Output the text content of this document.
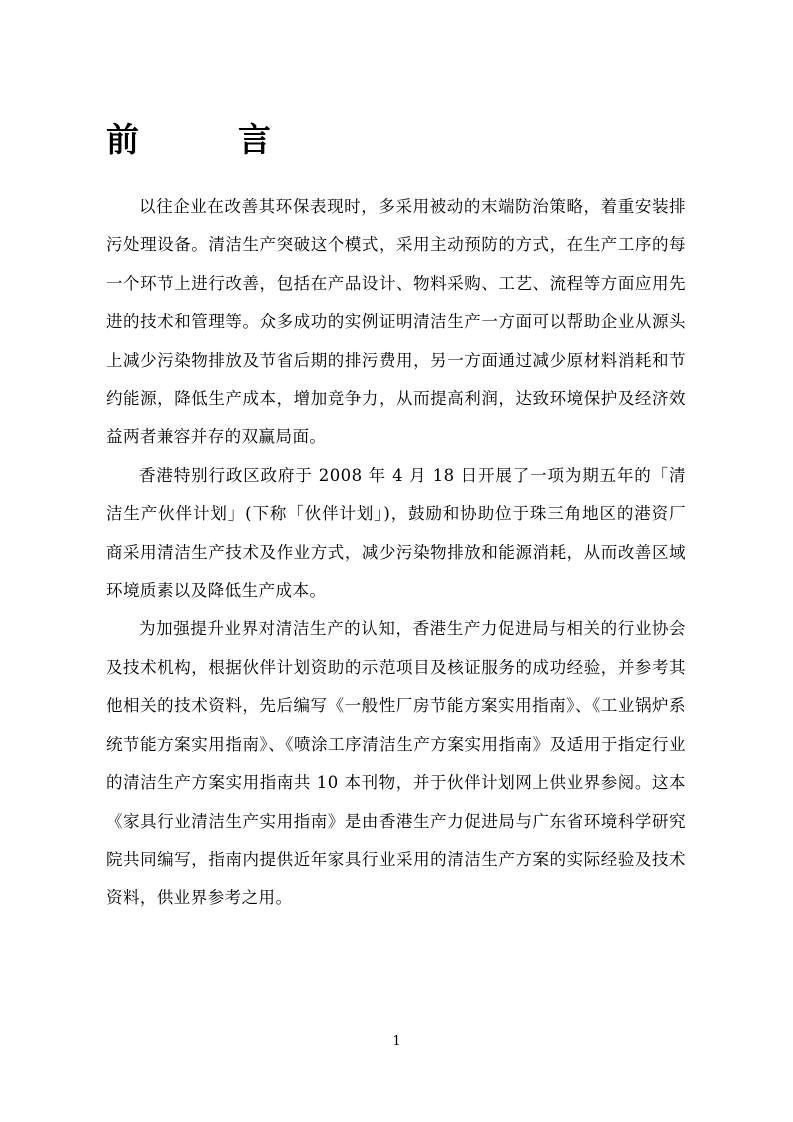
前　言

以往企业在改善其环保表现时，多采用被动的末端防治策略，着重安装排污处理设备。清洁生产突破这个模式，采用主动预防的方式，在生产工序的每一个环节上进行改善，包括在产品设计、物料采购、工艺、流程等方面应用先进的技术和管理等。众多成功的实例证明清洁生产一方面可以帮助企业从源头上减少污染物排放及节省后期的排污费用，另一方面通过减少原材料消耗和节约能源，降低生产成本，增加竞争力，从而提高利润，达致环境保护及经济效益两者兼容并存的双赢局面。

香港特别行政区政府于 2008 年 4 月 18 日开展了一项为期五年的「清洁生产伙伴计划」(下称「伙伴计划」)，鼓励和协助位于珠三角地区的港资厂商采用清洁生产技术及作业方式，减少污染物排放和能源消耗，从而改善区域环境质素以及降低生产成本。

为加强提升业界对清洁生产的认知，香港生产力促进局与相关的行业协会及技术机构，根据伙伴计划资助的示范项目及核证服务的成功经验，并参考其他相关的技术资料，先后编写《一般性厂房节能方案实用指南》、《工业锅炉系统节能方案实用指南》、《喷涂工序清洁生产方案实用指南》及适用于指定行业的清洁生产方案实用指南共 10 本刊物，并于伙伴计划网上供业界参阅。这本《家具行业清洁生产实用指南》是由香港生产力促进局与广东省环境科学研究院共同编写，指南内提供近年家具行业采用的清洁生产方案的实际经验及技术资料，供业界参考之用。

1
